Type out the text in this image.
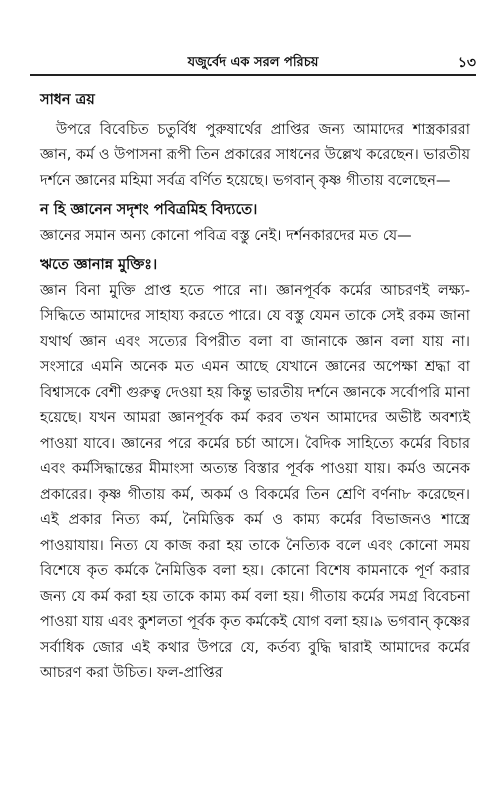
যজুর্বেদ এক সরল পরিচয়	১৩
সাধন ত্রয়

উপরে বিবেচিত চতুর্বিধ পুরুষার্থের প্রাপ্তির জন্য আমাদের শাস্ত্রকাররা জ্ঞান, কর্ম ও উপাসনা রূপী তিন প্রকারের সাধনের উল্লেখ করেছেন। ভারতীয় দর্শনে জ্ঞানের মহিমা সর্বত্র বর্ণিত হয়েছে। ভগবান্ কৃষ্ণ গীতায় বলেছেন—

ন হি জ্ঞানেন সদৃশং পবিত্রমিহ বিদ্যতে।

জ্ঞানের সমান অন্য কোনো পবিত্র বস্তু নেই। দর্শনকারদের মত যে—

ঋতে জ্ঞানান্ন মুক্তিঃ।

জ্ঞান বিনা মুক্তি প্রাপ্ত হতে পারে না। জ্ঞানপূর্বক কর্মের আচরণই লক্ষ্য-সিদ্ধিতে আমাদের সাহায্য করতে পারে। যে বস্তু যেমন তাকে সেই রকম জানা যথার্থ জ্ঞান এবং সত্যের বিপরীত বলা বা জানাকে জ্ঞান বলা যায় না। সংসারে এমনি অনেক মত এমন আছে যেখানে জ্ঞানের অপেক্ষা শ্রদ্ধা বা বিশ্বাসকে বেশী গুরুত্ব দেওয়া হয় কিন্তু ভারতীয় দর্শনে জ্ঞানকে সর্বোপরি মানা হয়েছে। যখন আমরা জ্ঞানপূর্বক কর্ম করব তখন আমাদের অভীষ্ট অবশ্যই পাওয়া যাবে। জ্ঞানের পরে কর্মের চর্চা আসে। বৈদিক সাহিত্যে কর্মের বিচার এবং কর্মসিদ্ধান্তের মীমাংসা অত্যন্ত বিস্তার পূর্বক পাওয়া যায়। কর্মও অনেক প্রকারের। কৃষ্ণ গীতায় কর্ম, অকর্ম ও বিকর্মের তিন শ্রেণি বর্ণনা৮ করেছেন। এই প্রকার নিত্য কর্ম, নৈমিত্তিক কর্ম ও কাম্য কর্মের বিভাজনও শাস্ত্রে পাওয়াযায়। নিত্য যে কাজ করা হয় তাকে নৈত্যিক বলে এবং কোনো সময় বিশেষে কৃত কর্মকে নৈমিত্তিক বলা হয়। কোনো বিশেষ কামনাকে পূর্ণ করার জন্য যে কর্ম করা হয় তাকে কাম্য কর্ম বলা হয়। গীতায় কর্মের সমগ্র বিবেচনা পাওয়া যায় এবং কুশলতা পূর্বক কৃত কর্মকেই যোগ বলা হয়।৯ ভগবান্ কৃষ্ণের সর্বাধিক জোর এই কথার উপরে যে, কর্তব্য বুদ্ধি দ্বারাই আমাদের কর্মের আচরণ করা উচিত। ফল-প্রাপ্তির
